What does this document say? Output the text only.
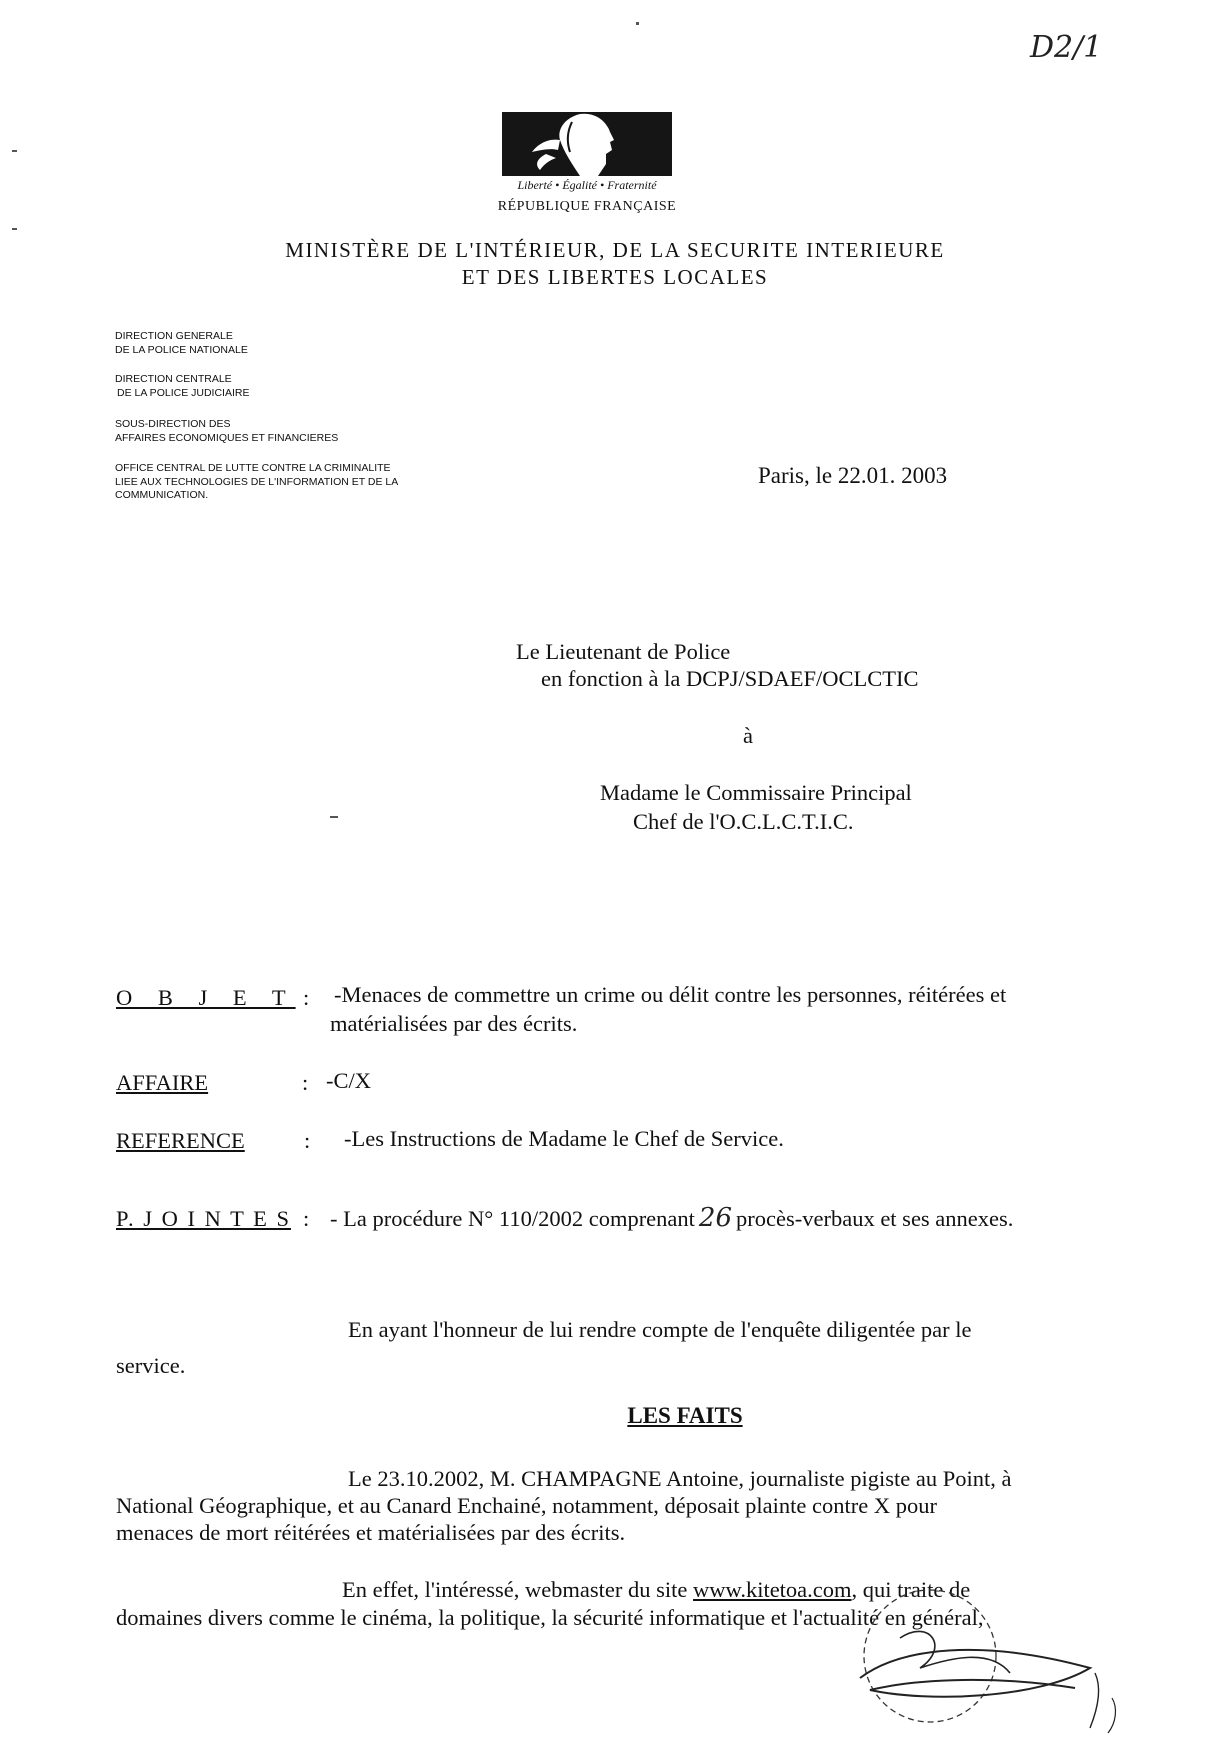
D2/1
Liberté • Égalité • Fraternité
RÉPUBLIQUE FRANÇAISE
MINISTÈRE DE L'INTÉRIEUR, DE LA SECURITE INTERIEURE
ET DES LIBERTES LOCALES
DIRECTION GENERALE
DE LA POLICE NATIONALE
DIRECTION CENTRALE
DE LA POLICE JUDICIAIRE
SOUS-DIRECTION DES
AFFAIRES ECONOMIQUES ET FINANCIERES
OFFICE CENTRAL DE LUTTE CONTRE LA CRIMINALITE
LIEE AUX TECHNOLOGIES DE L'INFORMATION ET DE LA
COMMUNICATION.
Paris, le 22.01. 2003
Le Lieutenant de Police
en fonction à la DCPJ/SDAEF/OCLCTIC
à
Madame le Commissaire Principal
Chef de l'O.C.L.C.T.I.C.
O B J E T : -Menaces de commettre un crime ou délit contre les personnes, réitérées et
matérialisées par des écrits.
AFFAIRE	: -C/X
REFERENCE	: -Les Instructions de Madame le Chef de Service.
P. J O I N T E S : - La procédure N° 110/2002 comprenant 26 procès-verbaux et ses annexes.
En ayant l'honneur de lui rendre compte de l'enquête diligentée par le
service.
LES FAITS
Le 23.10.2002, M. CHAMPAGNE Antoine, journaliste pigiste au Point, à
National Géographique, et au Canard Enchainé, notamment, déposait plainte contre X pour
menaces de mort réitérées et matérialisées par des écrits.
En effet, l'intéressé, webmaster du site www.kitetoa.com, qui traite de
domaines divers comme le cinéma, la politique, la sécurité informatique et l'actualité en général,
